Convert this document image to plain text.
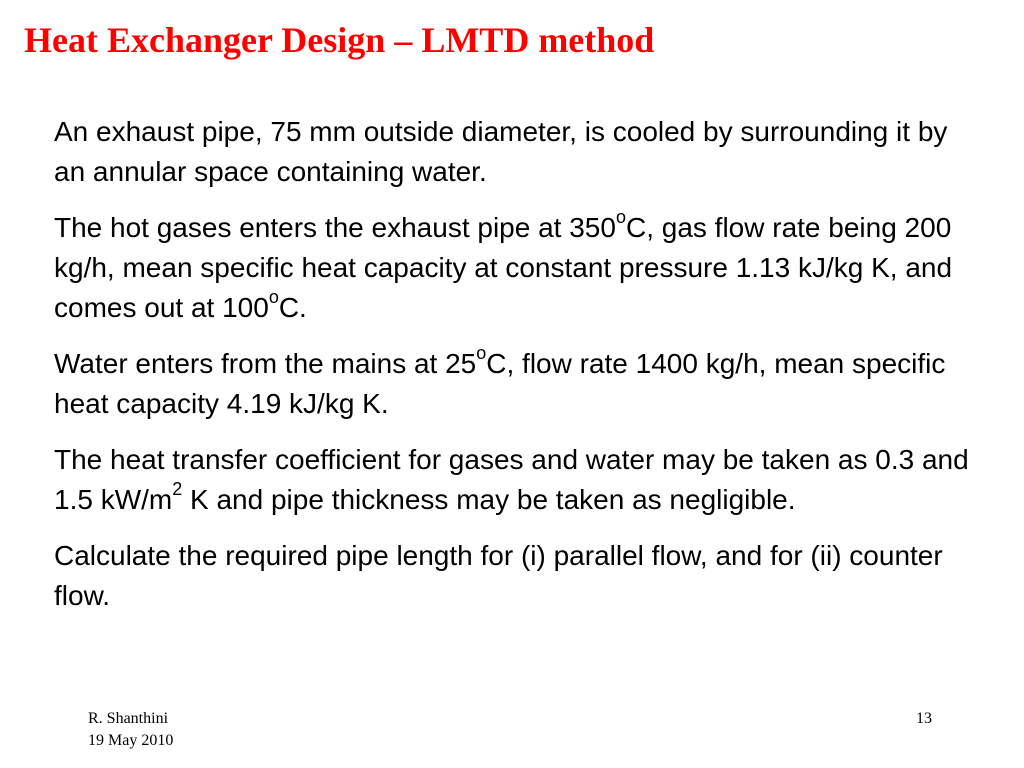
Heat Exchanger Design – LMTD method

An exhaust pipe, 75 mm outside diameter, is cooled by surrounding it by an annular space containing water.

The hot gases enters the exhaust pipe at 350$^o$C, gas flow rate being 200 kg/h, mean specific heat capacity at constant pressure 1.13 kJ/kg K, and comes out at 100$^o$C.

Water enters from the mains at 25$^o$C, flow rate 1400 kg/h, mean specific heat capacity 4.19 kJ/kg K.

The heat transfer coefficient for gases and water may be taken as 0.3 and 1.5 $kW/m^2$ K and pipe thickness may be taken as negligible.

Calculate the required pipe length for (i) parallel flow, and for (ii) counter flow.

R. Shanthini
19 May 2010
13
